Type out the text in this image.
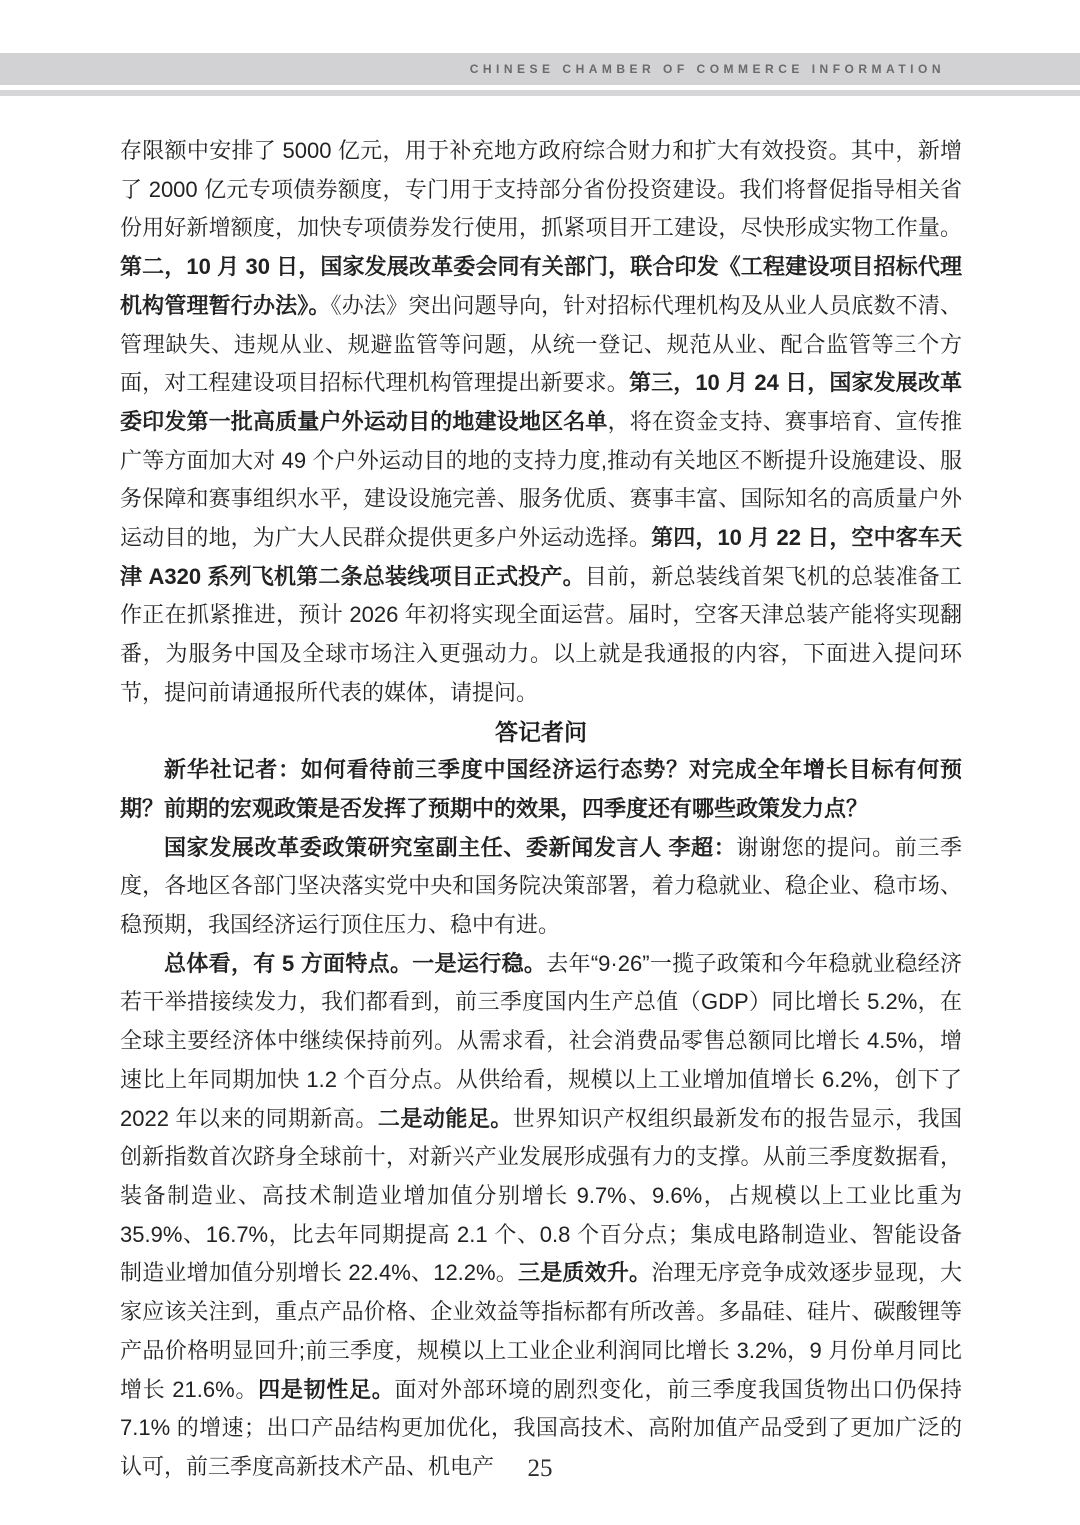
CHINESE CHAMBER OF COMMERCE INFORMATION

存限额中安排了 5000 亿元，用于补充地方政府综合财力和扩大有效投资。其中，新增了 2000 亿元专项债券额度，专门用于支持部分省份投资建设。我们将督促指导相关省份用好新增额度，加快专项债券发行使用，抓紧项目开工建设，尽快形成实物工作量。第二，10 月 30 日，国家发展改革委会同有关部门，联合印发《工程建设项目招标代理机构管理暂行办法》。《办法》突出问题导向，针对招标代理机构及从业人员底数不清、管理缺失、违规从业、规避监管等问题，从统一登记、规范从业、配合监管等三个方面，对工程建设项目招标代理机构管理提出新要求。第三，10 月 24 日，国家发展改革委印发第一批高质量户外运动目的地建设地区名单，将在资金支持、赛事培育、宣传推广等方面加大对 49 个户外运动目的地的支持力度,推动有关地区不断提升设施建设、服务保障和赛事组织水平，建设设施完善、服务优质、赛事丰富、国际知名的高质量户外运动目的地，为广大人民群众提供更多户外运动选择。第四，10 月 22 日，空中客车天津 A320 系列飞机第二条总装线项目正式投产。目前，新总装线首架飞机的总装准备工作正在抓紧推进，预计 2026 年初将实现全面运营。届时，空客天津总装产能将实现翻番，为服务中国及全球市场注入更强动力。以上就是我通报的内容，下面进入提问环节，提问前请通报所代表的媒体，请提问。

答记者问

新华社记者：如何看待前三季度中国经济运行态势？对完成全年增长目标有何预期？前期的宏观政策是否发挥了预期中的效果，四季度还有哪些政策发力点？

国家发展改革委政策研究室副主任、委新闻发言人 李超：谢谢您的提问。前三季度，各地区各部门坚决落实党中央和国务院决策部署，着力稳就业、稳企业、稳市场、稳预期，我国经济运行顶住压力、稳中有进。

总体看，有 5 方面特点。一是运行稳。去年“9·26”一揽子政策和今年稳就业稳经济若干举措接续发力，我们都看到，前三季度国内生产总值（GDP）同比增长 5.2%，在全球主要经济体中继续保持前列。从需求看，社会消费品零售总额同比增长 4.5%，增速比上年同期加快 1.2 个百分点。从供给看，规模以上工业增加值增长 6.2%，创下了 2022 年以来的同期新高。二是动能足。世界知识产权组织最新发布的报告显示，我国创新指数首次跻身全球前十，对新兴产业发展形成强有力的支撑。从前三季度数据看，装备制造业、高技术制造业增加值分别增长 9.7%、9.6%，占规模以上工业比重为 35.9%、16.7%，比去年同期提高 2.1 个、0.8 个百分点；集成电路制造业、智能设备制造业增加值分别增长 22.4%、12.2%。三是质效升。治理无序竞争成效逐步显现，大家应该关注到，重点产品价格、企业效益等指标都有所改善。多晶硅、硅片、碳酸锂等产品价格明显回升;前三季度，规模以上工业企业利润同比增长 3.2%，9 月份单月同比增长 21.6%。四是韧性足。面对外部环境的剧烈变化，前三季度我国货物出口仍保持 7.1% 的增速；出口产品结构更加优化，我国高技术、高附加值产品受到了更加广泛的认可，前三季度高新技术产品、机电产	25
